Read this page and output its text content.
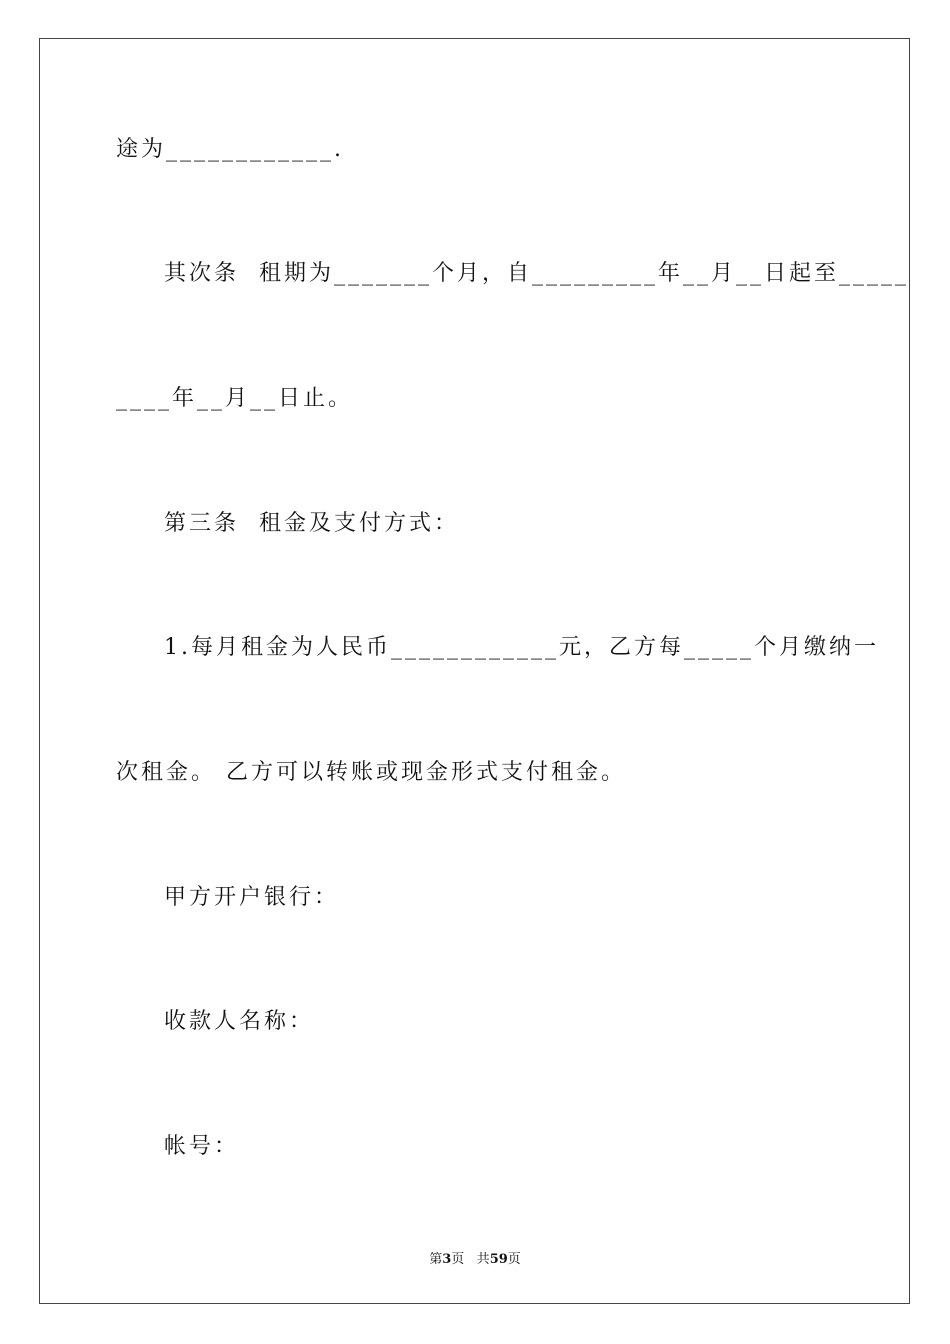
途为____________.
其次条  租期为_______个月，自_________年__月__日起至_____
____年__月__日止。
第三条  租金及支付方式：
1.每月租金为人民币____________元，乙方每_____个月缴纳一
次租金。 乙方可以转账或现金形式支付租金。
甲方开户银行：
收款人名称：
帐号：
第3页 共59页
